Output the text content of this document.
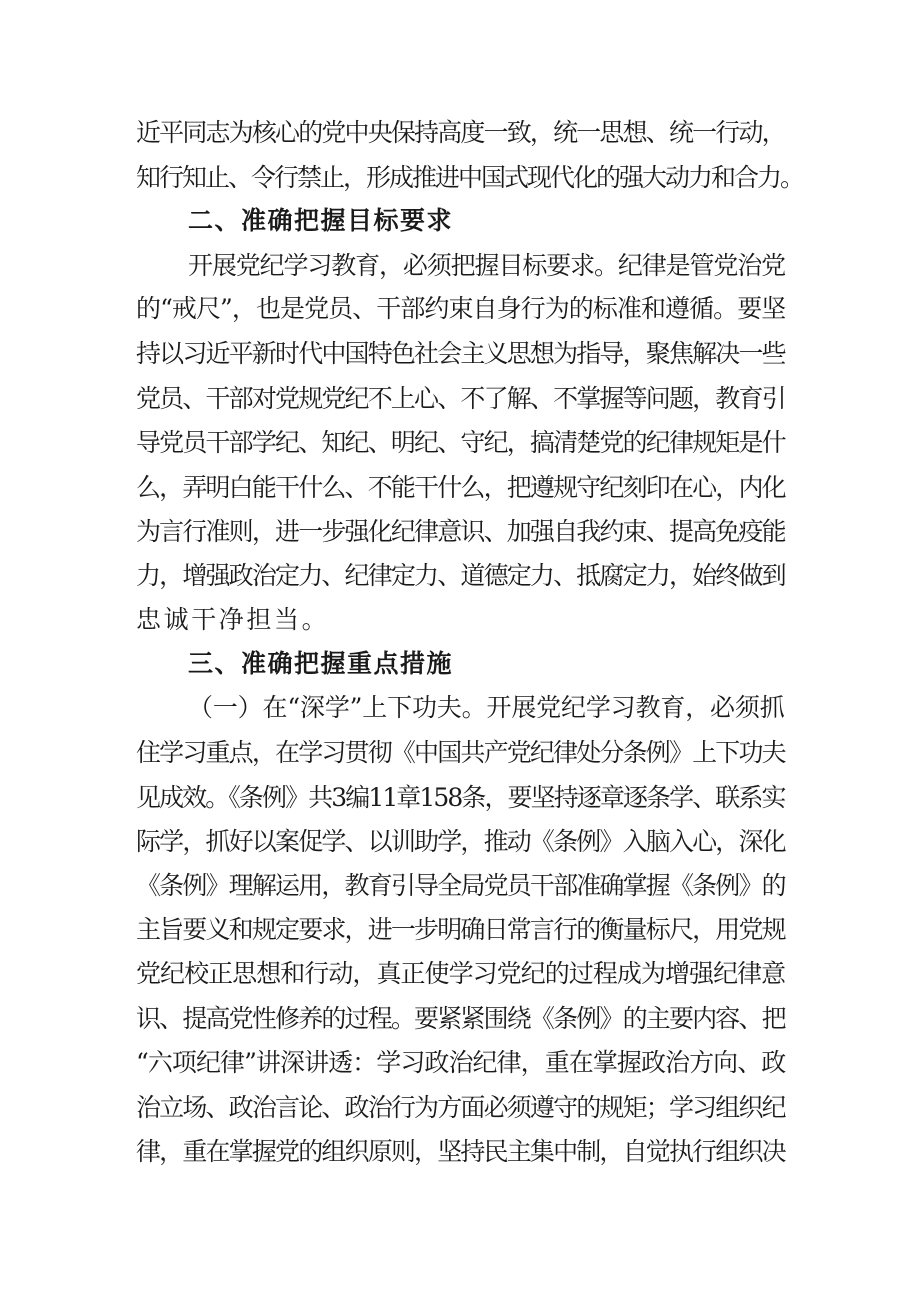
近平同志为核心的党中央保持高度一致，统一思想、统一行动，
知行知止、令行禁止，形成推进中国式现代化的强大动力和合力。
二、准确把握目标要求
开展党纪学习教育，必须把握目标要求。纪律是管党治党
的“戒尺”，也是党员、干部约束自身行为的标准和遵循。要坚
持以习近平新时代中国特色社会主义思想为指导，聚焦解决一些
党员、干部对党规党纪不上心、不了解、不掌握等问题，教育引
导党员干部学纪、知纪、明纪、守纪，搞清楚党的纪律规矩是什
么，弄明白能干什么、不能干什么，把遵规守纪刻印在心，内化
为言行准则，进一步强化纪律意识、加强自我约束、提高免疫能
力，增强政治定力、纪律定力、道德定力、抵腐定力，始终做到
忠诚干净担当。
三、准确把握重点措施
（一）在“深学”上下功夫。开展党纪学习教育，必须抓
住学习重点，在学习贯彻《中国共产党纪律处分条例》上下功夫
见成效。《条例》共3编11章158条，要坚持逐章逐条学、联系实
际学，抓好以案促学、以训助学，推动《条例》入脑入心，深化
《条例》理解运用，教育引导全局党员干部准确掌握《条例》的
主旨要义和规定要求，进一步明确日常言行的衡量标尺，用党规
党纪校正思想和行动，真正使学习党纪的过程成为增强纪律意
识、提高党性修养的过程。要紧紧围绕《条例》的主要内容、把
“六项纪律”讲深讲透：学习政治纪律，重在掌握政治方向、政
治立场、政治言论、政治行为方面必须遵守的规矩；学习组织纪
律，重在掌握党的组织原则，坚持民主集中制，自觉执行组织决
